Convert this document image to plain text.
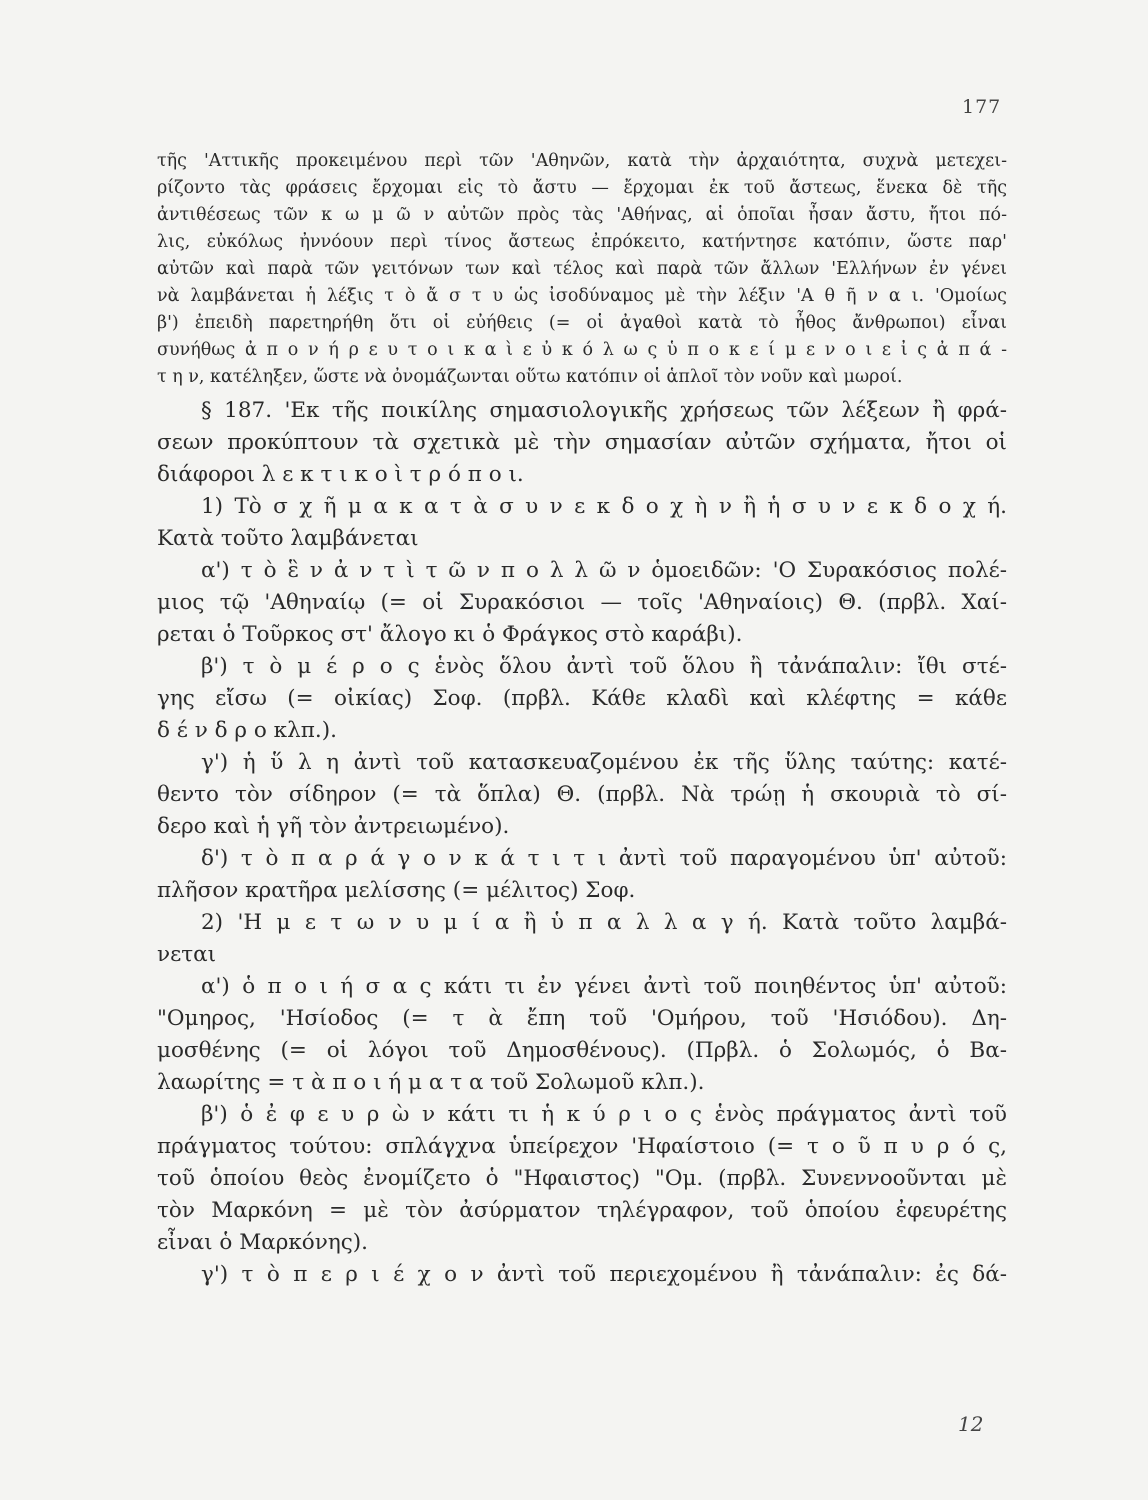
177
τῆς 'Αττικῆς προκειμένου περὶ τῶν 'Αθηνῶν, κατὰ τὴν ἀρχαιότητα, συχνὰ μετεχει-
ρίζοντο τὰς φράσεις ἔρχομαι εἰς τὸ ἄστυ — ἔρχομαι ἐκ τοῦ ἄστεως, ἕνεκα δὲ τῆς
ἀντιθέσεως τῶν κ ω μ ῶ ν αὐτῶν πρὸς τὰς 'Αθήνας, αἱ ὁποῖαι ἦσαν ἄστυ, ἤτοι πό-
λις, εὐκόλως ἠννόουν περὶ τίνος ἄστεως ἐπρόκειτο, κατήντησε κατόπιν, ὥστε παρ'
αὐτῶν καὶ παρὰ τῶν γειτόνων των καὶ τέλος καὶ παρὰ τῶν ἄλλων 'Ελλήνων ἐν γένει
νὰ λαμβάνεται ἡ λέξις τ ὸ ἄ σ τ υ ὡς ἰσοδύναμος μὲ τὴν λέξιν 'Α θ ῆ ν α ι. 'Ομοίως
β') ἐπειδὴ παρετηρήθη ὅτι οἱ εὐήθεις (= οἱ ἀγαθοὶ κατὰ τὸ ἦθος ἄνθρωποι) εἶναι
συνήθως ἀ π ο ν ή ρ ε υ τ ο ι κ α ὶ ε ὐ κ ό λ ω ς ὑ π ο κ ε ί μ ε ν ο ι ε ἰ ς ἀ π ά -
τ η ν, κατέληξεν, ὥστε νὰ ὀνομάζωνται οὕτω κατόπιν οἱ ἁπλοῖ τὸν νοῦν καὶ μωροί.
§ 187. 'Εκ τῆς ποικίλης σημασιολογικῆς χρήσεως τῶν λέξεων ἢ φρά-
σεων προκύπτουν τὰ σχετικὰ μὲ τὴν σημασίαν αὐτῶν σχήματα, ἤτοι οἱ
διάφοροι λ ε κ τ ι κ ο ὶ τ ρ ό π ο ι.
1) Τὸ σ χ ῆ μ α κ α τ ὰ σ υ ν ε κ δ ο χ ὴ ν ἢ ἡ σ υ ν ε κ δ ο χ ή.
Κατὰ τοῦτο λαμβάνεται
α') τ ὸ ἓ ν ἀ ν τ ὶ τ ῶ ν π ο λ λ ῶ ν ὁμοειδῶν: 'Ο Συρακόσιος πολέ-
μιος τῷ 'Αθηναίῳ (= οἱ Συρακόσιοι — τοῖς 'Αθηναίοις) Θ. (πρβλ. Χαί-
ρεται ὁ Τοῦρκος στ' ἄλογο κι ὁ Φράγκος στὸ καράβι).
β') τ ὸ μ έ ρ ο ς ἑνὸς ὅλου ἀντὶ τοῦ ὅλου ἢ τἀνάπαλιν: ἴθι στέ-
γης εἴσω (= οἰκίας) Σοφ. (πρβλ. Κάθε κλαδὶ καὶ κλέφτης = κάθε
δ έ ν δ ρ ο κλπ.).
γ') ἡ ὕ λ η ἀντὶ τοῦ κατασκευαζομένου ἐκ τῆς ὕλης ταύτης: κατέ-
θεντο τὸν σίδηρον (= τὰ ὅπλα) Θ. (πρβλ. Νὰ τρώῃ ἡ σκουριὰ τὸ σί-
δερο καὶ ἡ γῆ τὸν ἀντρειωμένο).
δ') τ ὸ π α ρ ά γ ο ν κ ά τ ι τ ι ἀντὶ τοῦ παραγομένου ὑπ' αὐτοῦ:
πλῆσον κρατῆρα μελίσσης (= μέλιτος) Σοφ.
2) 'Η μ ε τ ω ν υ μ ί α ἢ ὑ π α λ λ α γ ή. Κατὰ τοῦτο λαμβά-
νεται
α') ὁ π ο ι ή σ α ς κάτι τι ἐν γένει ἀντὶ τοῦ ποιηθέντος ὑπ' αὐτοῦ:
"Ομηρος, 'Ησίοδος (= τ ὰ ἔπη τοῦ 'Ομήρου, τοῦ 'Ησιόδου). Δη-
μοσθένης (= οἱ λόγοι τοῦ Δημοσθένους). (Πρβλ. ὁ Σολωμός, ὁ Βα-
λαωρίτης = τ ὰ π ο ι ή μ α τ α τοῦ Σολωμοῦ κλπ.).
β') ὁ ἐ φ ε υ ρ ὼ ν κάτι τι ἡ κ ύ ρ ι ο ς ἑνὸς πράγματος ἀντὶ τοῦ
πράγματος τούτου: σπλάγχνα ὑπείρεχον 'Ηφαίστοιο (= τ ο ῦ π υ ρ ό ς,
τοῦ ὁποίου θεὸς ἐνομίζετο ὁ "Ηφαιστος) "Ομ. (πρβλ. Συνεννοοῦνται μὲ
τὸν Μαρκόνη = μὲ τὸν ἀσύρματον τηλέγραφον, τοῦ ὁποίου ἐφευρέτης
εἶναι ὁ Μαρκόνης).
γ') τ ὸ π ε ρ ι έ χ ο ν ἀντὶ τοῦ περιεχομένου ἢ τἀνάπαλιν: ἐς δά-
12
